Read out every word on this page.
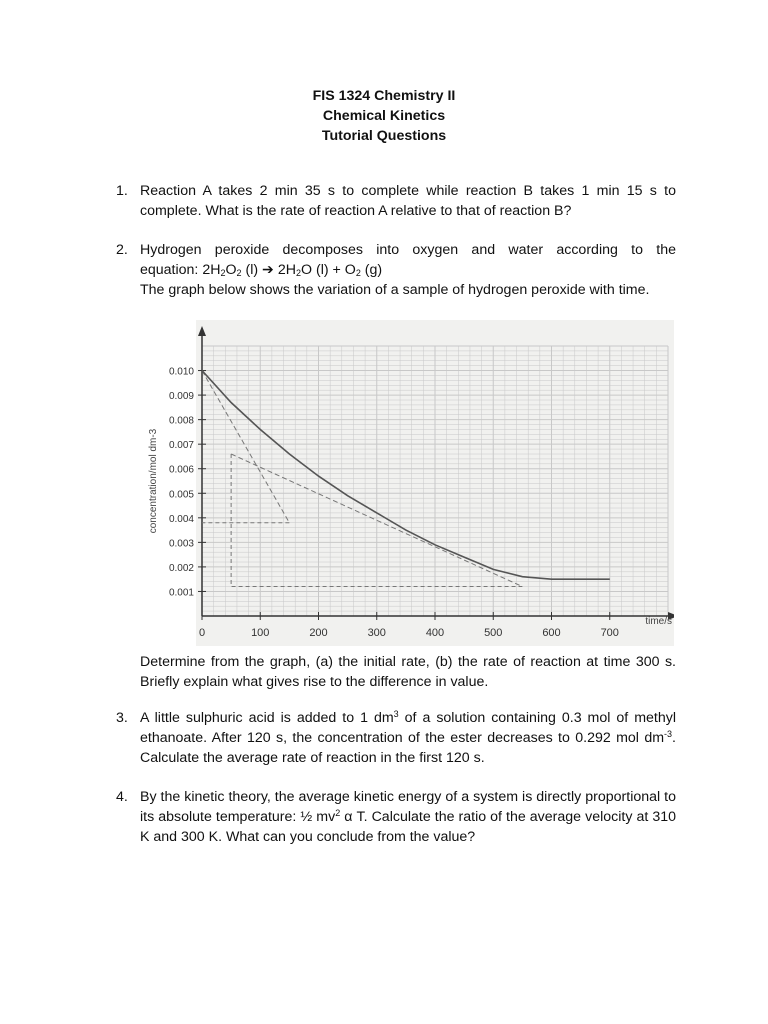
FIS 1324 Chemistry II
Chemical Kinetics
Tutorial Questions
1. Reaction A takes 2 min 35 s to complete while reaction B takes 1 min 15 s to complete. What is the rate of reaction A relative to that of reaction B?

2. Hydrogen peroxide decomposes into oxygen and water according to the

equation: $2H_2O_2$ (l) ➔ $2H_2O$ $(l) + O_2$ (g)

The graph below shows the variation of a sample of hydrogen peroxide with time.

0	100	200	300	400	500	600	700
0.001
0.002
0.003
0.004
0.005
0.006
0.007
0.008
0.009
0.010
time/s
concentration/mol dm-3
Determine from the graph, (a) the initial rate, (b) the rate of reaction at time 300 s. Briefly explain what gives rise to the difference in value.
3. A little sulphuric acid is added to 1 $dm^3$ of a solution containing 0.3 mol of methyl ethanoate. After 120 s, the concentration of the ester decreases to 0.292 mol $dm^{-3}$. Calculate the average rate of reaction in the first 120 s.

4. By the kinetic theory, the average kinetic energy of a system is directly proportional to its absolute temperature: ½ $mv^2$ α T. Calculate the ratio of the average velocity at 310 K and 300 K. What can you conclude from the value?
